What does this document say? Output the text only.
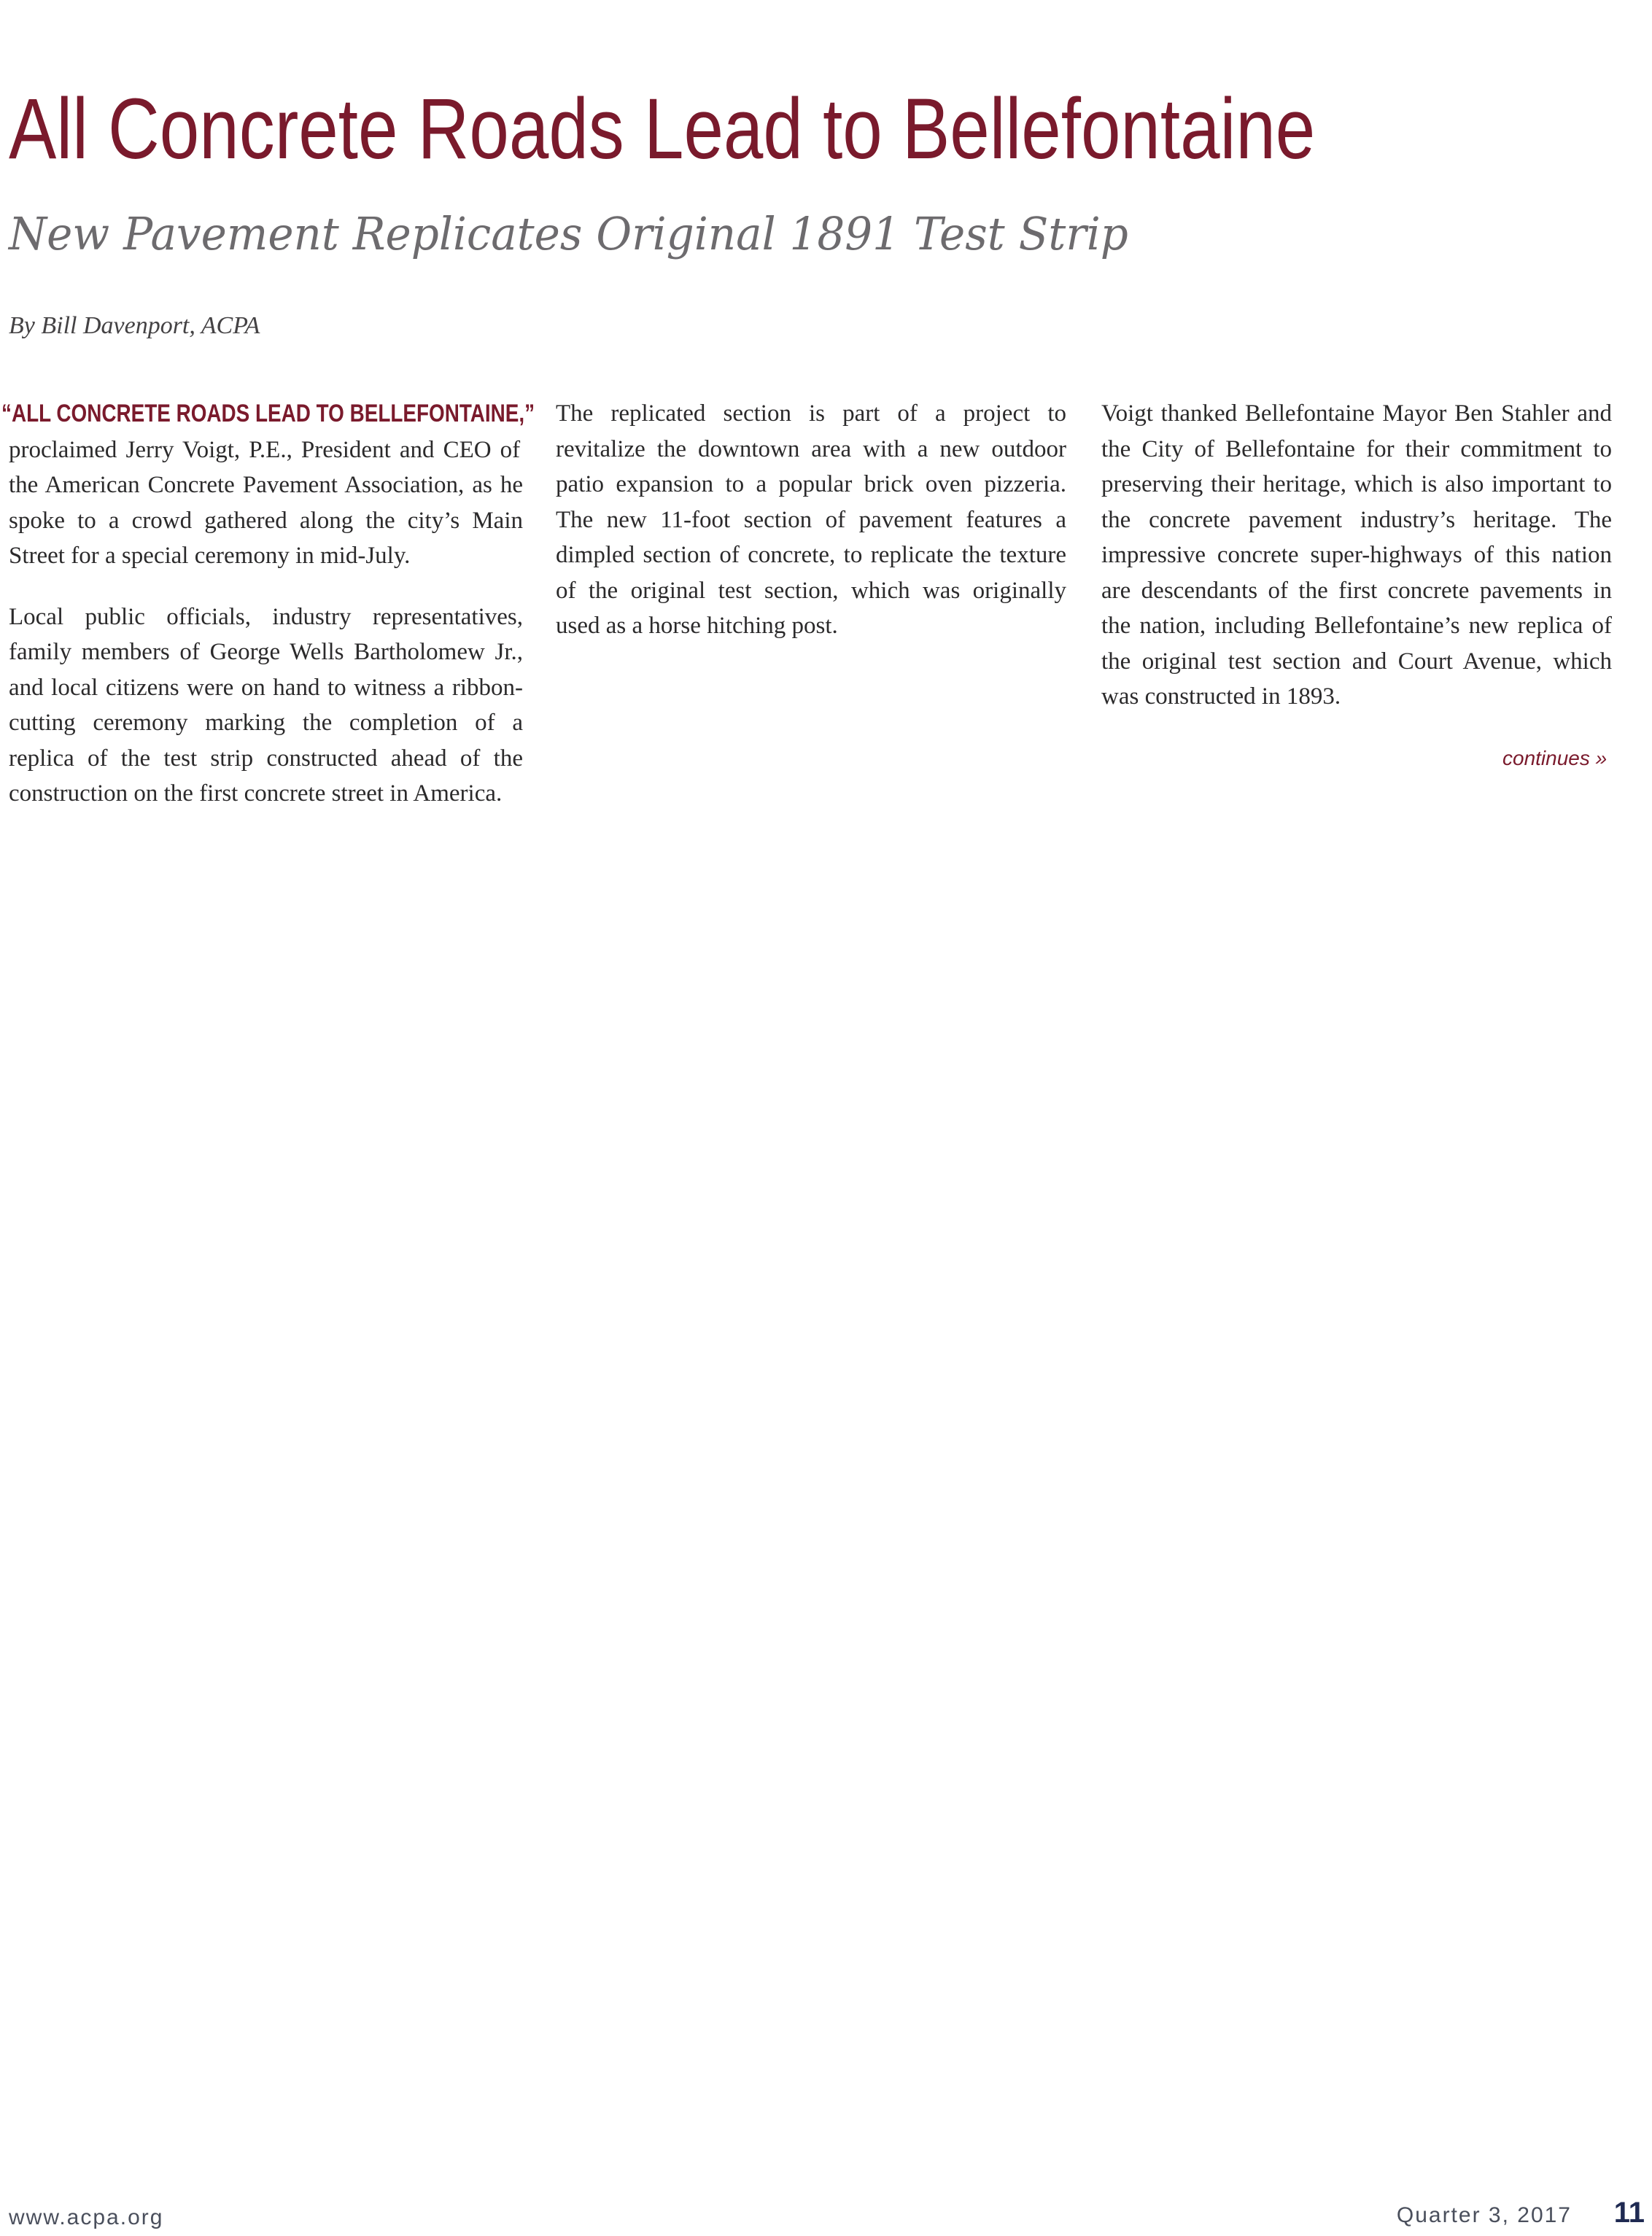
All Concrete Roads Lead to Bellefontaine
New Pavement Replicates Original 1891 Test Strip

By Bill Davenport, ACPA

“ALL CONCRETE ROADS LEAD TO BELLEFONTAINE,” proclaimed Jerry Voigt, P.E., President and CEO of the American Concrete Pavement Association, as he spoke to a crowd gathered along the city’s Main Street for a special ceremony in mid-July.

Local public officials, industry representatives, family members of George Wells Bartholomew Jr., and local citizens were on hand to witness a ribbon-cutting ceremony marking the completion of a replica of the test strip constructed ahead of the construction on the first concrete street in America.

The replicated section is part of a project to revitalize the downtown area with a new outdoor patio expansion to a popular brick oven pizzeria. The new 11-foot section of pavement features a dimpled section of concrete, to replicate the texture of the original test section, which was originally used as a horse hitching post.

Voigt thanked Bellefontaine Mayor Ben Stahler and the City of Bellefontaine for their commitment to preserving their heritage, which is also important to the concrete pavement industry’s heritage. The impressive concrete super-highways of this nation are descendants of the first concrete pavements in the nation, including Bellefontaine’s new replica of the original test section and Court Avenue, which was constructed in 1893.

continues »
www.acpa.org	Quarter 3, 2017 11
